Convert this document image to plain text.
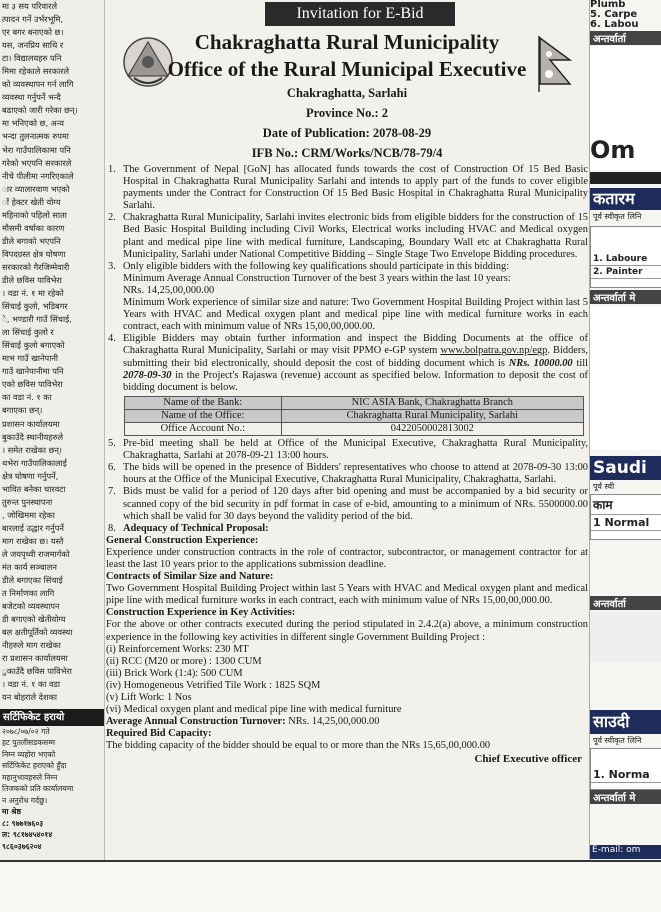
मा ३ सय परिवारले
त्पादन गर्ने उर्भरभूमि,
एर बगर बनाएको छ।
यस, जनप्रिय साथि र
टा। विद्यालयहरु पनि
मिमा रहेकाले सरकारले
को व्यवस्थापन गर्न लागि
व्यवस्था गर्नुपर्ने भन्दै
बढाएको जारी गरेका छन्।
मा भनिएको छ, अन्य
भन्दा तुलनात्मक रुपमा
भेरा गाउँपालिकामा पनि
गरेको भएपनि सरकारले
नीचे पीलीमा नगरिएकाले
ार व्यालारवाण भएको
ाँ हेक्टर खेती योग्य
महिनाको पहिलो साता
मौसमी वर्षाका कारण
डीले बगाको भएपनि
विपदग्रस्त क्षेत्र घोषणा
सरकारको गैरजिम्मेवारी
डीले छविस पाविभेरा
। वडा नं. १ मा रहेको
सिंचाई कुलो, भडिबगर
े, भण्डारी गाउँ सिंचाई,
ला सिंचाई कुलो र
सिंचाई कुलो बगाएको
माभ गाउँ खानेपानी
गाउँ खानेपानीमा पनि
एको छविस पाविभेरा
का वडा नं. १ का
बगाएका छन्।
प्रशासन कार्यालयमा
बुकाउँदै स्थानीयहरुले
। समेत राखेका छन्।
थभेरा गाउँपालिकालाई
क्षेत्र घोषणा गर्नुपर्ने,
भावित बनेका चारवटा
तुरुन्त पुनस्थापना
, जोखिममा रहेका
बारलाई उद्धार गर्नुपर्ने
माग राखेका छ। यस्तै
ले जयपृथ्वी राजमार्गको
मंत कार्य सञ्चालन
डीले बगाएका सिंचाई
त निर्माणका लागि
बजेटको व्यवस्थापन
डी बगाएको खेतीयोग्य
बल क्षतीपूर्तिको व्यवस्था
नीहरुले माग राखेका
रा प्रशासन कार्यालयमा
ुकाउँदै छविस पाविभेरा
। वडा नं. १ का वडा
यन बोहराले देशका
सर्टिफिकेट हरायो
२०७८/०७/०२ गते
हट पुतलीसडकसम्म
निम्न व्यहोरा भएको
सर्टिफिकेट हराएको हुँदा
महानुभावहरुले निम्न
तिजकको प्रति कार्यालयमा
न अनुरोध गर्दछु।
मा श्रेष्ठ
८: ९७७१७६०३
ल: ९८१७४५४०१४
९८६०३७६२०४
Invitation for E-Bid
Chakraghatta Rural Municipality
Office of the Rural Municipal Executive
Chakraghatta, Sarlahi
Province No.: 2
Date of Publication: 2078-08-29
IFB No.: CRM/Works/NCB/78-79/4
1. The Government of Nepal [GoN] has allocated funds towards the cost of Construction Of 15 Bed Basic Hospital in Chakraghatta Rural Municipality Sarlahi and intends to apply part of the funds to cover eligible payments under the Contract for Construction Of 15 Bed Basic Hospital in Chakraghatta Rural Municipality Sarlahi.

2. Chakraghatta Rural Municipality, Sarlahi invites electronic bids from eligible bidders for the construction of 15 Bed Basic Hospital Building including Civil Works, Electrical works including HVAC and Medical oxygen plant and medical pipe line with medical furniture, Landscaping, Boundary Wall etc at Chakraghatta Rural Municipality, Sarlahi under National Competitive Bidding – Single Stage Two Envelope Bidding procedures.

3. Only eligible bidders with the following key qualifications should participate in this bidding:

Minimum Average Annual Construction Turnover of the best 3 years within the last 10 years:

NRs. 14,25,00,000.00

Minimum Work experience of similar size and nature: Two Government Hospital Building Project within last 5 Years with HVAC and Medical oxygen plant and medical pipe line with medical furniture works in each contract, each with minimum value of NRs 15,00,00,000.00.

4. Eligible Bidders may obtain further information and inspect the Bidding Documents at the office of Chakraghatta Rural Municipality, Sarlahi or may visit PPMO e-GP system www.bolpatra.gov.np/egp. Bidders, submitting their bid electronically, should deposit the cost of bidding document which is NRs. 10000.00 till 2078-09-30 in the Project's Rajaswa (revenue) account as specified below. Information to deposit the cost of bidding document is below.

Name of the Bank:	NIC ASIA Bank, Chakraghatta Branch
Name of the Office:	Chakraghatta Rural Municipality, Sarlahi
Office Account No.:	0422050002813002
5. Pre-bid meeting shall be held at Office of the Municipal Executive, Chakraghatta Rural Municipality, Chakraghatta, Sarlahi at 2078-09-21 13:00 hours.

6. The bids will be opened in the presence of Bidders' representatives who choose to attend at 2078-09-30 13:00 hours at the Office of the Municipal Executive, Chakraghatta Rural Municipality, Chakraghatta, Sarlahi.

7. Bids must be valid for a period of 120 days after bid opening and must be accompanied by a bid security or scanned copy of the bid security in pdf format in case of e-bid, amounting to a minimum of NRs. 5500000.00 which shall be valid for 30 days beyond the validity period of the bid.

8. Adequacy of Technical Proposal:

General Construction Experience:

Experience under construction contracts in the role of contractor, subcontractor, or management contractor for at least the last 10 years prior to the applications submission deadline.

Contracts of Similar Size and Nature:

Two Government Hospital Building Project within last 5 Years with HVAC and Medical oxygen plant and medical pipe line with medical furniture works in each contract, each with minimum value of NRs 15,00,00,000.00.

Construction Experience in Key Activities:

For the above or other contracts executed during the period stipulated in 2.4.2(a) above, a minimum construction experience in the following key activities in different single Government Building Project :

(i) Reinforcement Works: 230 MT

(ii) RCC (M20 or more) : 1300 CUM

(iii) Brick Work (1:4): 500 CUM

(iv) Homogeneous Vetrified Tile Work : 1825 SQM

(v) Lift Work: 1 Nos

(vi) Medical oxygen plant and medical pipe line with medical furniture

Average Annual Construction Turnover: NRs. 14,25,00,000.00

Required Bid Capacity:

The bidding capacity of the bidder should be equal to or more than the NRs 15,65,00,000.00

Chief Executive officer
Plumb
5. Carpe
6. Labou
अन्तर्वार्ता
Om
कतारम
पूर्व स्वीकृत लिनि
1. Laboure
2. Painter
अन्तर्वार्ता मे
Saudi
पूर्व स्वी
काम
1 Normal
अन्तर्वार्ता
साउदी
पूर्व स्वीकृत लिनि
1. Norma
अन्तर्वार्ता मे
E-mail: om
